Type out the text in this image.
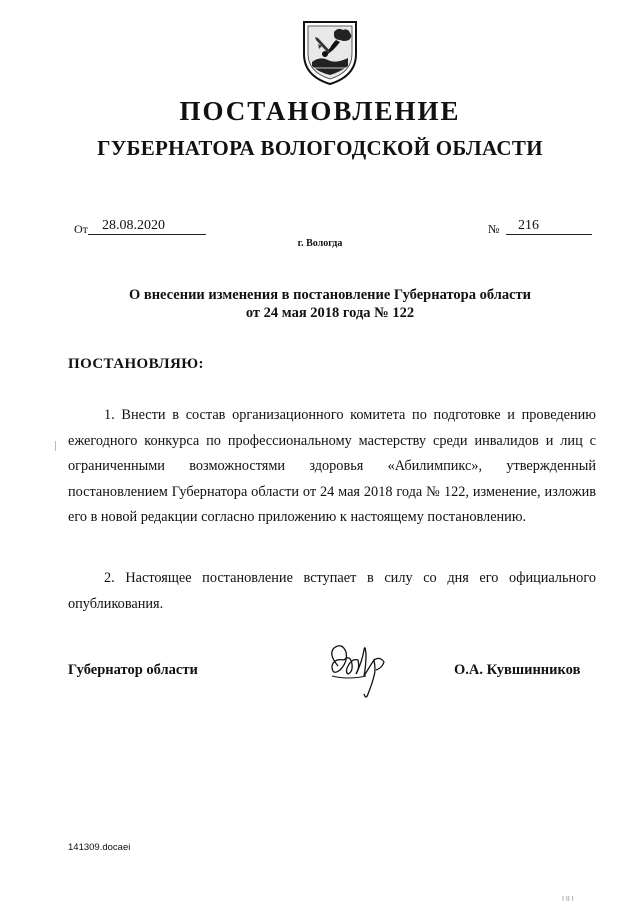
ПОСТАНОВЛЕНИЕ
ГУБЕРНАТОРА ВОЛОГОДСКОЙ ОБЛАСТИ
От	28.08.2020	№	216
г. Вологда
О внесении изменения в постановление Губернатора области
от 24 мая 2018 года № 122
ПОСТАНОВЛЯЮ:

1. Внести в состав организационного комитета по подготовке и проведению ежегодного конкурса по профессиональному мастерству среди инвалидов и лиц с ограниченными возможностями здоровья «Абилимпикс», утвержденный постановлением Губернатора области от 24 мая 2018 года № 122, изменение, изложив его в новой редакции согласно приложению к настоящему постановлению.

2. Настоящее постановление вступает в силу со дня его официального опубликования.

Губернатор области	О.А. Кувшинников
141309.docaei
I II I
